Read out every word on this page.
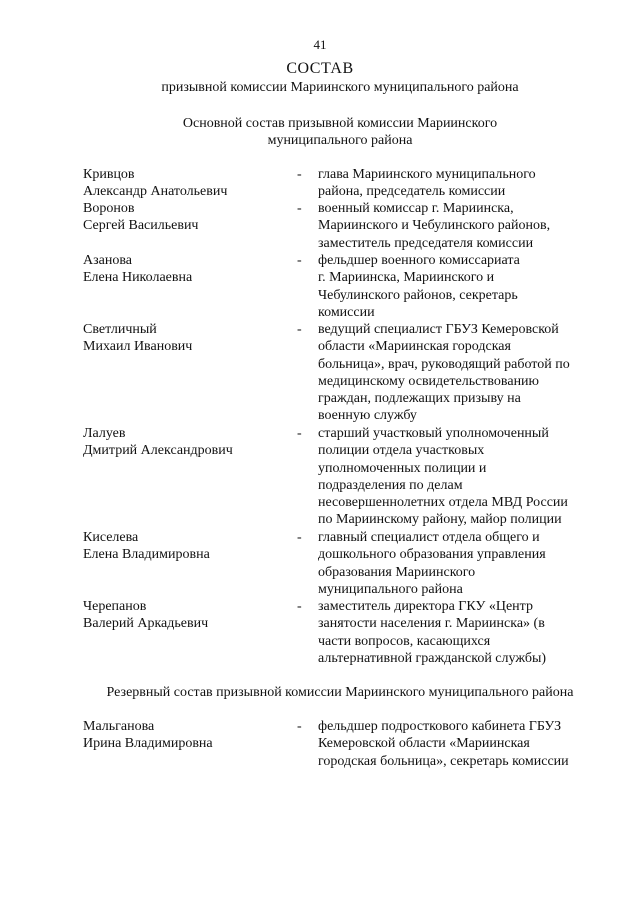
41
СОСТАВ
призывной комиссии Мариинского муниципального района
Основной состав призывной комиссии Мариинского
муниципального района
Кривцов
Александр Анатольевич
- глава Мариинского муниципального
района, председатель комиссии
Воронов
Сергей Васильевич
- военный комиссар г. Мариинска,
Мариинского и Чебулинского районов,
заместитель председателя комиссии
Азанова
Елена Николаевна
- фельдшер военного комиссариата
г. Мариинска, Мариинского и
Чебулинского районов, секретарь
комиссии
Светличный
Михаил Иванович
- ведущий специалист ГБУЗ Кемеровской
области «Мариинская городская
больница», врач, руководящий работой по
медицинскому освидетельствованию
граждан, подлежащих призыву на
военную службу
Лалуев
Дмитрий Александрович
- старший участковый уполномоченный
полиции отдела участковых
уполномоченных полиции и
подразделения по делам
несовершеннолетних отдела МВД России
по Мариинскому району, майор полиции
Киселева
Елена Владимировна
- главный специалист отдела общего и
дошкольного образования управления
образования Мариинского
муниципального района
Черепанов
Валерий Аркадьевич
- заместитель директора ГКУ «Центр
занятости населения г. Мариинска» (в
части вопросов, касающихся
альтернативной гражданской службы)
Резервный состав призывной комиссии Мариинского муниципального района
Мальганова
Ирина Владимировна
- фельдшер подросткового кабинета ГБУЗ
Кемеровской области «Мариинская
городская больница», секретарь комиссии
